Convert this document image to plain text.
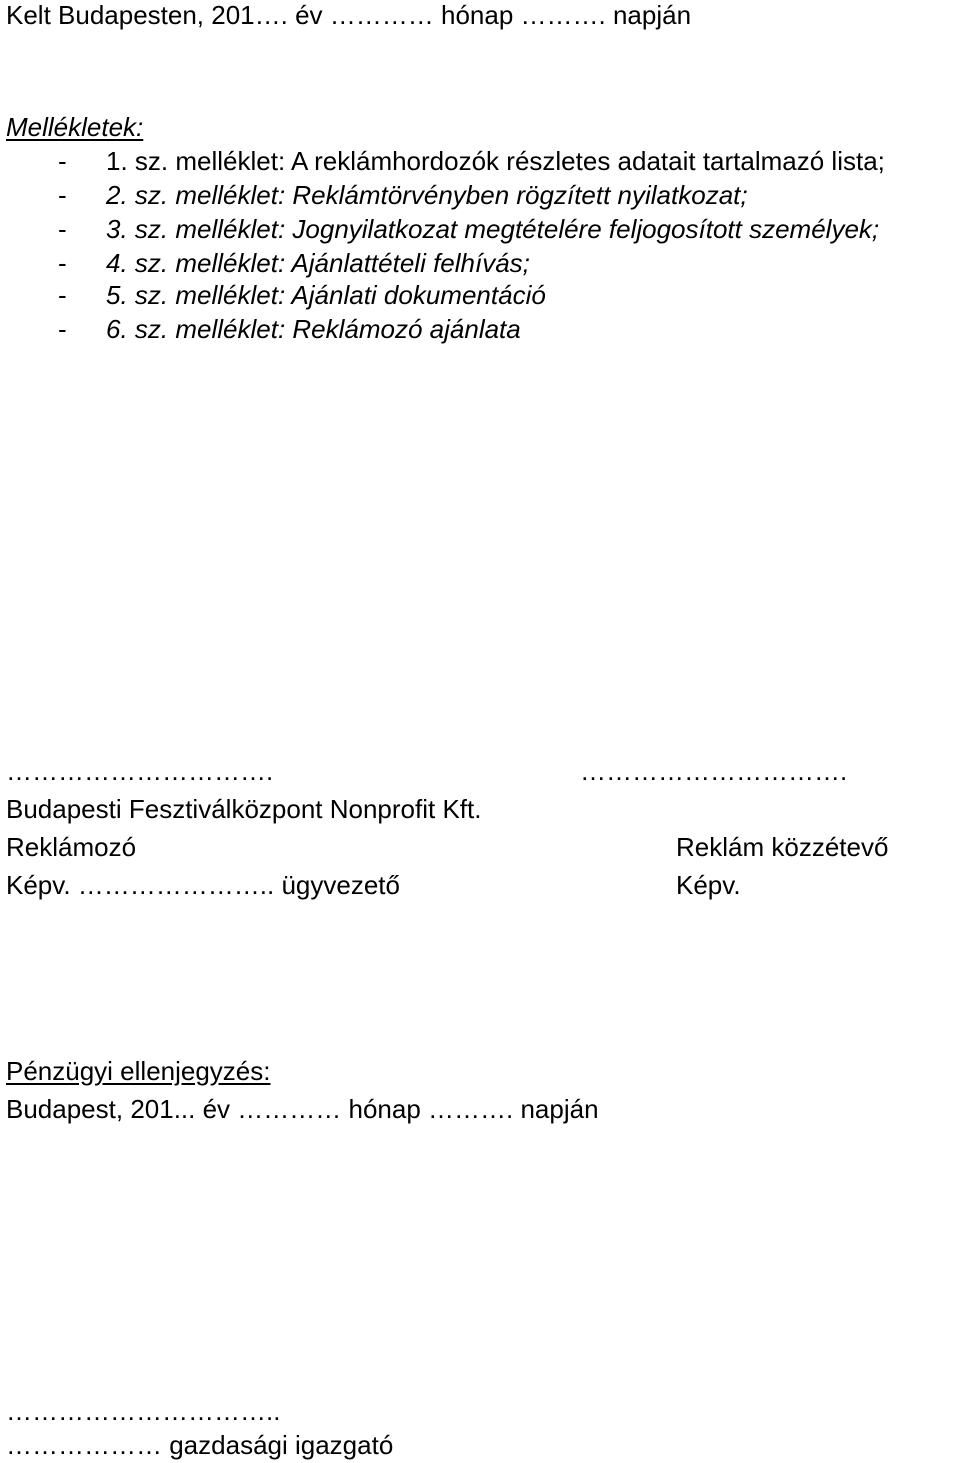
Kelt Budapesten, 201…. év ………… hónap ………. napján
Mellékletek:
- 1. sz. melléklet: A reklámhordozók részletes adatait tartalmazó lista;
- 2. sz. melléklet: Reklámtörvényben rögzített nyilatkozat;
- 3. sz. melléklet: Jognyilatkozat megtételére feljogosított személyek;
- 4. sz. melléklet: Ajánlattételi felhívás;
- 5. sz. melléklet: Ajánlati dokumentáció
- 6. sz. melléklet: Reklámozó ajánlata
………………………….	………………………….
Budapesti Fesztiválközpont Nonprofit Kft.
Reklámozó	Reklám közzétevő
Képv. ………………….. ügyvezető	Képv.
Pénzügyi ellenjegyzés:
Budapest, 201... év ………… hónap ………. napján
…………………………..
……………… gazdasági igazgató
